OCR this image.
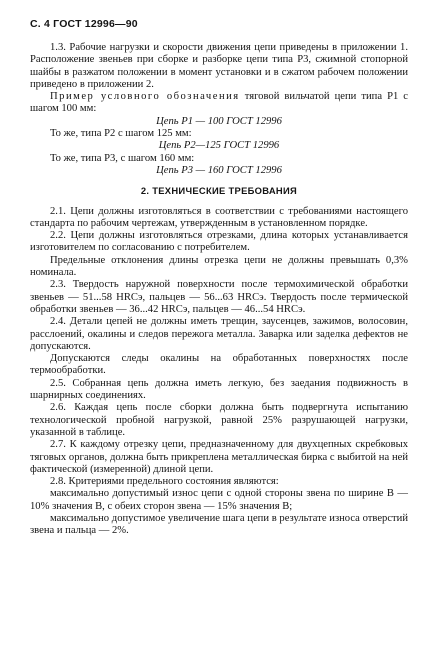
С. 4 ГОСТ 12996—90

1.3. Рабочие нагрузки и скорости движения цепи приведены в приложении 1. Расположение звеньев при сборке и разборке цепи типа Р3, сжимной стопорной шайбы в разжатом положении в момент установки и в сжатом рабочем положении приведено в приложении 2.

Пример условного обозначения тяговой вильчатой цепи типа Р1 с шагом 100 мм:

Цепь Р1 — 100 ГОСТ 12996

То же, типа Р2 с шагом 125 мм:

Цепь Р2—125 ГОСТ 12996

То же, типа Р3, с шагом 160 мм:

Цепь Р3 — 160 ГОСТ 12996

2. ТЕХНИЧЕСКИЕ ТРЕБОВАНИЯ

2.1. Цепи должны изготовляться в соответствии с требованиями настоящего стандарта по рабочим чертежам, утвержденным в установленном порядке.

2.2. Цепи должны изготовляться отрезками, длина которых устанавливается изготовителем по согласованию с потребителем.

Предельные отклонения длины отрезка цепи не должны превышать 0,3% номинала.

2.3. Твердость наружной поверхности после термохимической обработки звеньев — 51...58 HRCэ, пальцев — 56...63 HRCэ. Твердость после термической обработки звеньев — 36...42 HRCэ, пальцев — 46...54 HRCэ.

2.4. Детали цепей не должны иметь трещин, заусенцев, зажимов, волосовин, расслоений, окалины и следов пережога металла. Заварка или заделка дефектов не допускаются.

Допускаются следы окалины на обработанных поверхностях после термообработки.

2.5. Собранная цепь должна иметь легкую, без заедания подвижность в шарнирных соединениях.

2.6. Каждая цепь после сборки должна быть подвергнута испытанию технологической пробной нагрузкой, равной 25% разрушающей нагрузки, указанной в таблице.

2.7. К каждому отрезку цепи, предназначенному для двухцепных скребковых тяговых органов, должна быть прикреплена металлическая бирка с выбитой на ней фактической (измеренной) длиной цепи.

2.8. Критериями предельного состояния являются:

максимально допустимый износ цепи с одной стороны звена по ширине В — 10% значения В, с обеих сторон звена — 15% значения В;

максимально допустимое увеличение шага цепи в результате износа отверстий звена и пальца — 2%.
